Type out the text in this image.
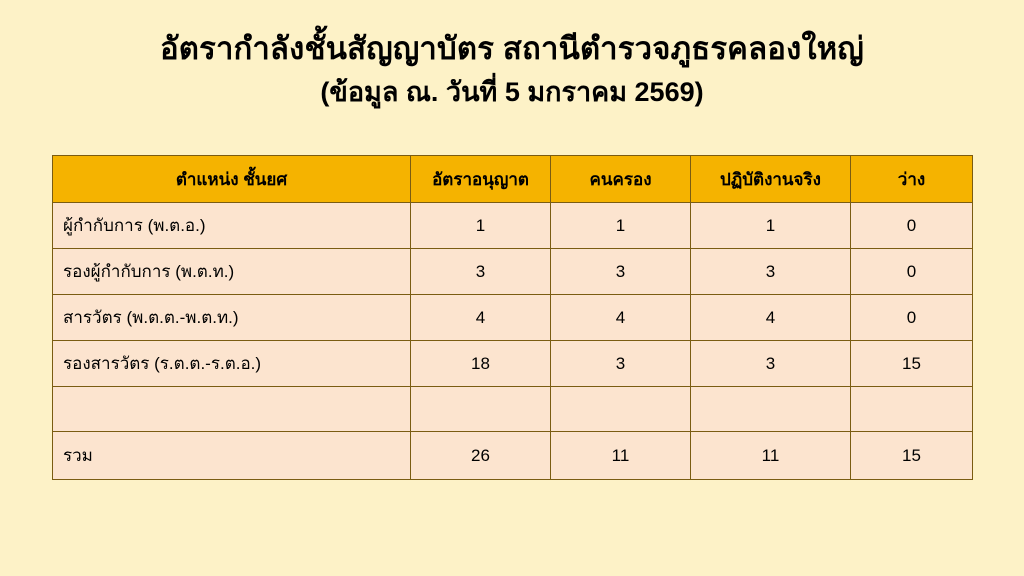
อัตรากำลังชั้นสัญญาบัตร สถานีตำรวจภูธรคลองใหญ่
(ข้อมูล ณ. วันที่ 5 มกราคม 2569)
ตำแหน่ง ชั้นยศ	อัตราอนุญาต	คนครอง	ปฏิบัติงานจริง	ว่าง
ผู้กำกับการ (พ.ต.อ.)	1	1	1	0
รองผู้กำกับการ (พ.ต.ท.)	3	3	3	0
สารวัตร (พ.ต.ต.-พ.ต.ท.)	4	4	4	0
รองสารวัตร (ร.ต.ต.-ร.ต.อ.)	18	3	3	15

รวม	26	11	11	15
